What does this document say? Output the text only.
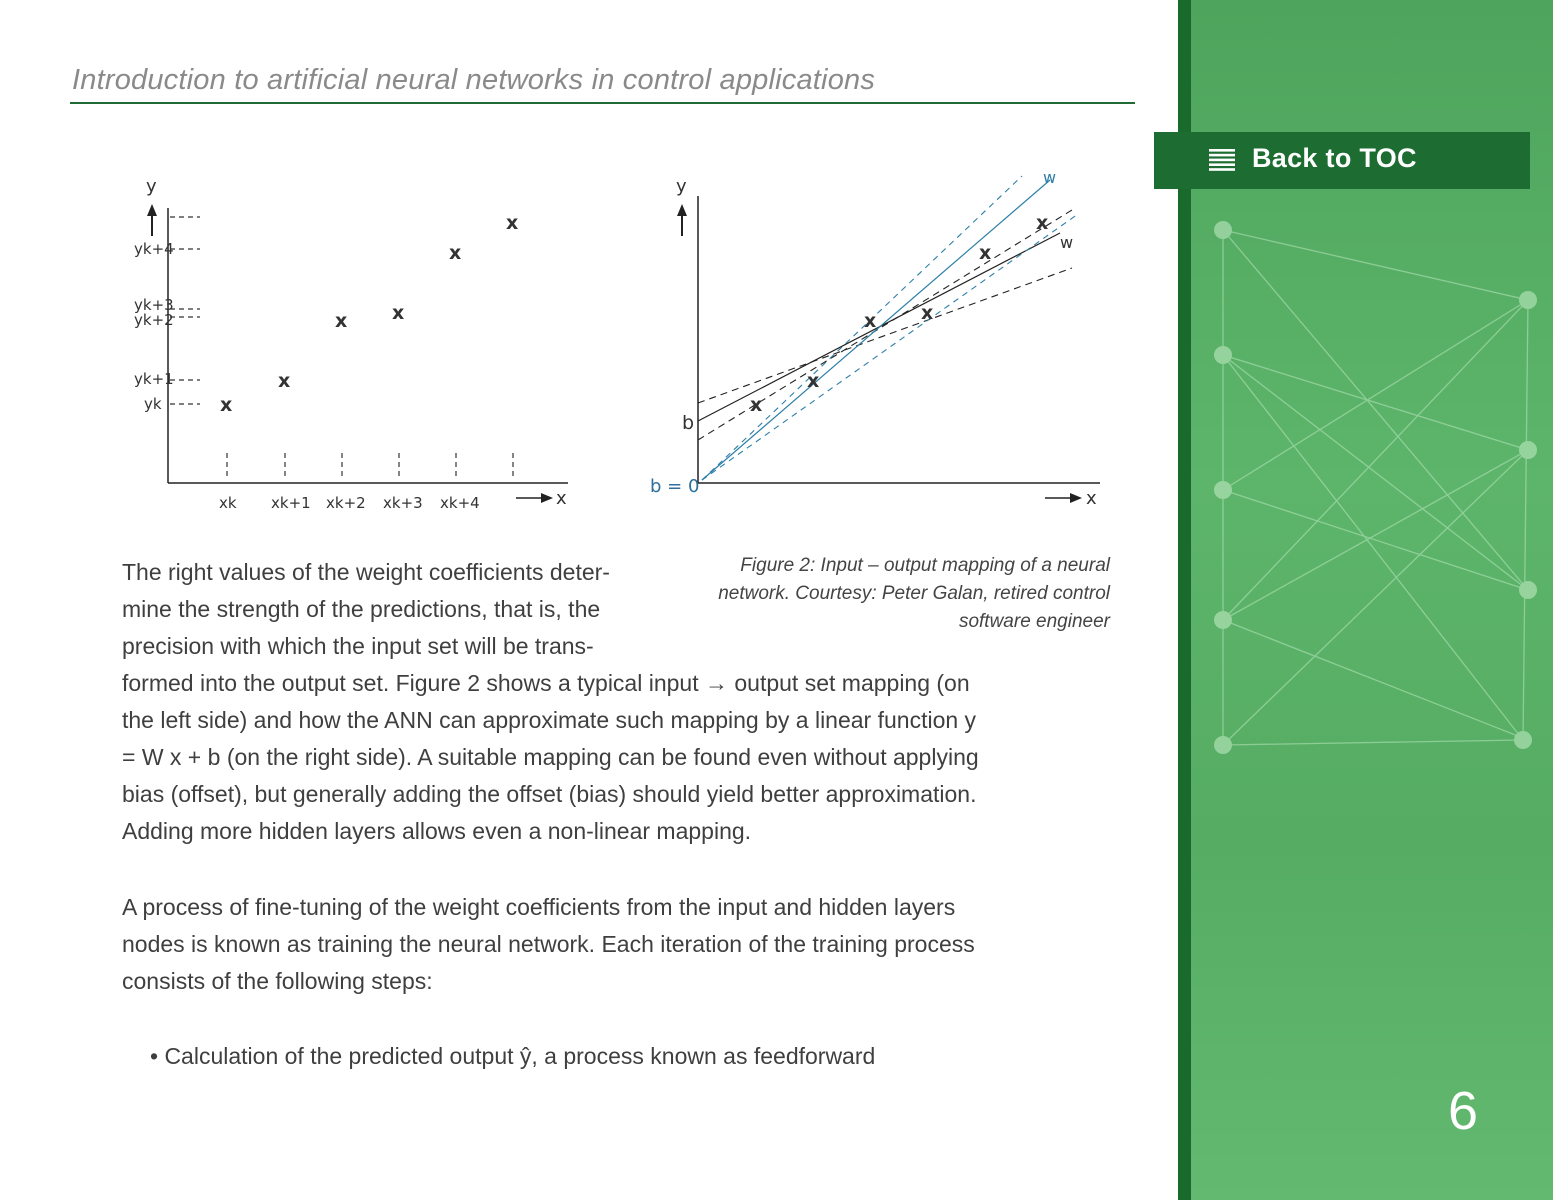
Introduction to artificial neural networks in control applications
y
x
yk+4
yk+3
yk+2
yk+1
yk
xk xk+1 xk+2 xk+3 xk+4
x
x
x x
x
x
y
x
b
b = 0
w
w
x
x
x x
x
x
Figure 2: Input – output mapping of a neural
network. Courtesy: Peter Galan, retired control
software engineer
The right values of the weight coefficients deter-
mine the strength of the predictions, that is, the
precision with which the input set will be trans-
formed into the output set. Figure 2 shows a typical input → output set mapping (on
the left side) and how the ANN can approximate such mapping by a linear function y
= W x + b (on the right side). A suitable mapping can be found even without applying
bias (offset), but generally adding the offset (bias) should yield better approximation.
Adding more hidden layers allows even a non-linear mapping.
A process of fine-tuning of the weight coefficients from the input and hidden layers
nodes is known as training the neural network. Each iteration of the training process
consists of the following steps:
• Calculation of the predicted output ŷ, a process known as feedforward
Back to TOC
6
